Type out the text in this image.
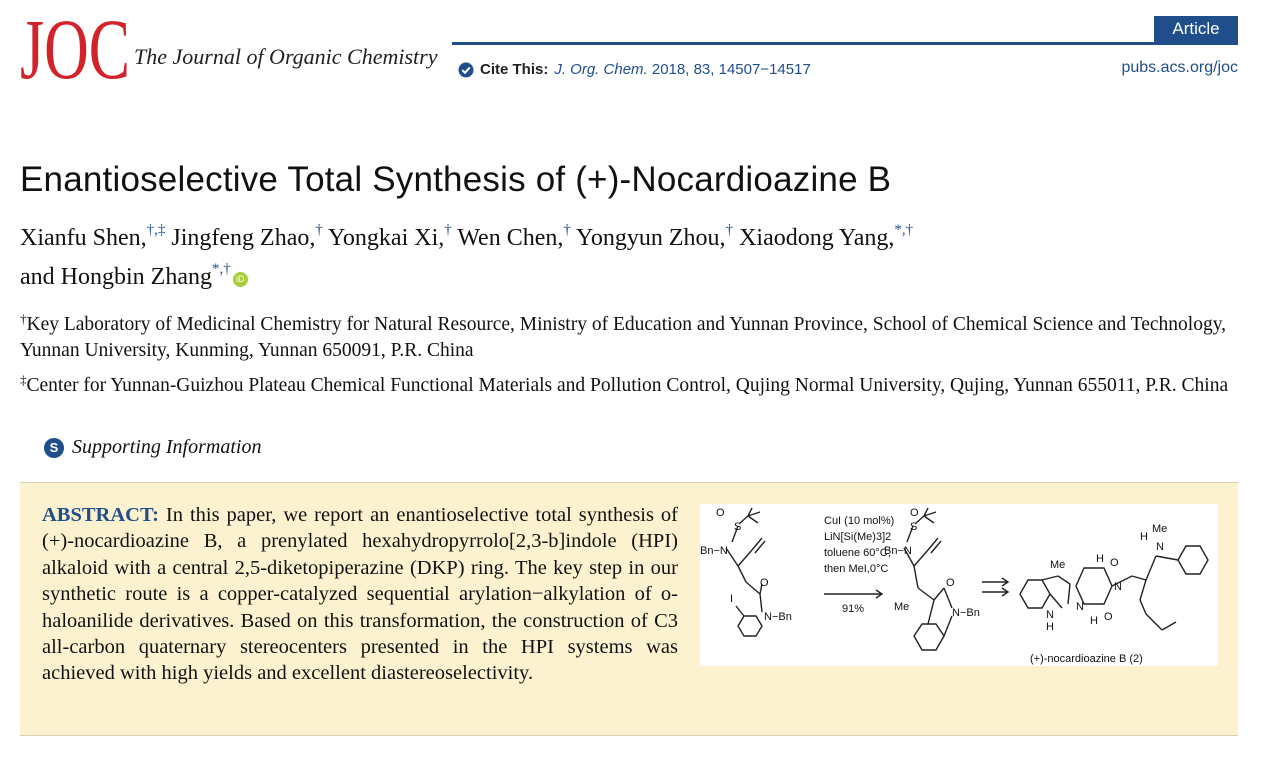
JOC The Journal of Organic Chemistry
Article
Cite This: J. Org. Chem. 2018, 83, 14507−14517	pubs.acs.org/joc
Enantioselective Total Synthesis of (+)-Nocardioazine B
Xianfu Shen,†,‡ Jingfeng Zhao,† Yongkai Xi,† Wen Chen,† Yongyun Zhou,† Xiaodong Yang,*,†
and Hongbin Zhang*,†iD
†Key Laboratory of Medicinal Chemistry for Natural Resource, Ministry of Education and Yunnan Province, School of Chemical Science and Technology, Yunnan University, Kunming, Yunnan 650091, P.R. China
‡Center for Yunnan-Guizhou Plateau Chemical Functional Materials and Pollution Control, Qujing Normal University, Qujing, Yunnan 655011, P.R. China
S Supporting Information
ABSTRACT: In this paper, we report an enantioselective total synthesis of (+)-nocardioazine B, a prenylated hexahydropyrrolo[2,3-b]indole (HPI) alkaloid with a central 2,5-diketopiperazine (DKP) ring. The key step in our synthetic route is a copper-catalyzed sequential arylation−alkylation of o-haloanilide derivatives. Based on this transformation, the construction of C3 all-carbon quaternary stereocenters presented in the HPI systems was achieved with high yields and excellent diastereoselectivity.
O
S
Bn−N
O
N−Bn
I
CuI (10 mol%)
LiN[Si(Me)3]2
toluene 60°C;
then MeI,0°C
91%
O
S
Bn−N
O
N−Bn
Me
Me
N
H
H O
N
N
H O
H
N
Me
(+)-nocardioazine B (2)
